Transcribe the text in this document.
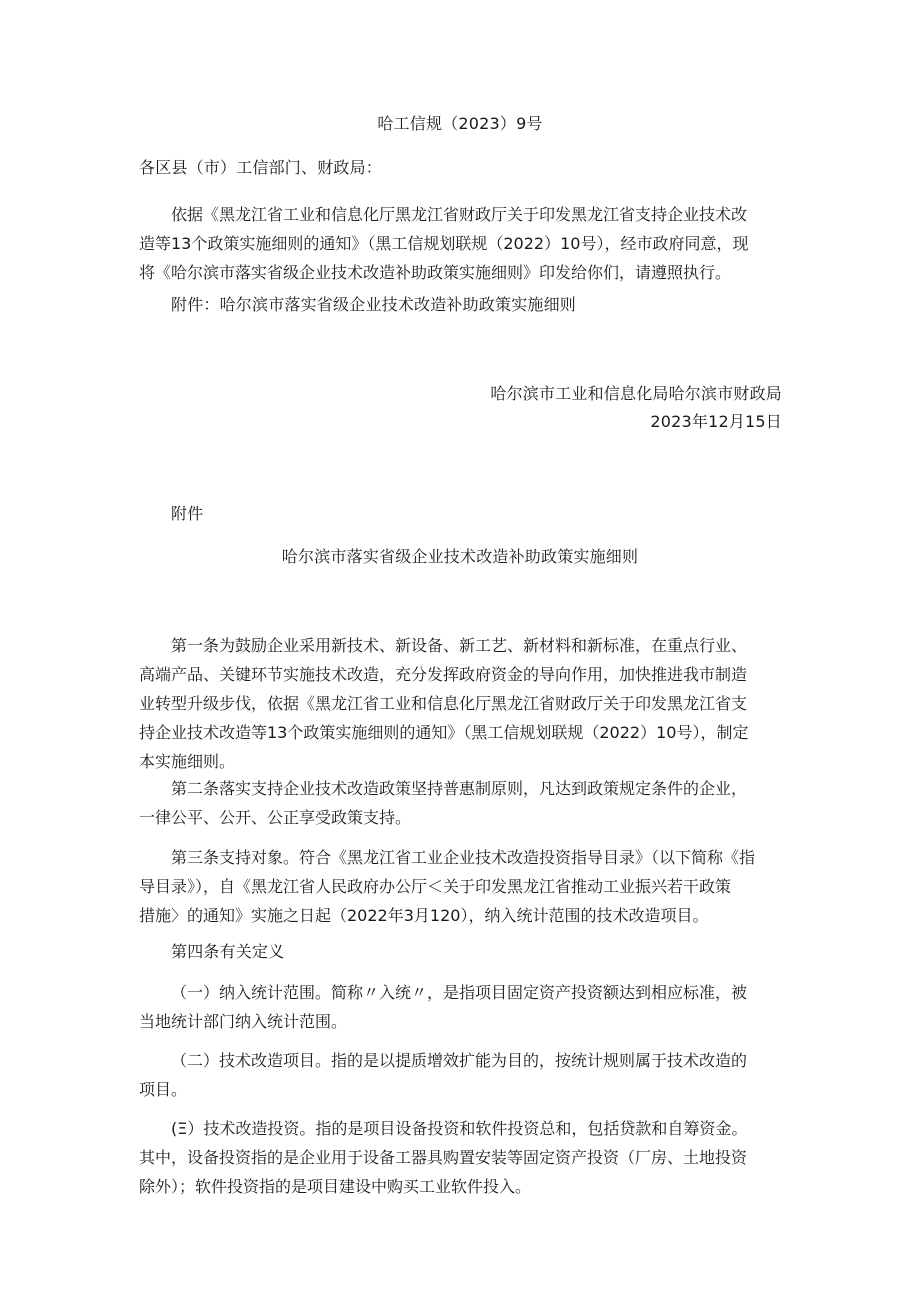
哈工信规（2023）9号
各区县（市）工信部门、财政局：
依据《黑龙江省工业和信息化厅黑龙江省财政厅关于印发黑龙江省支持企业技术改
造等13个政策实施细则的通知》（黑工信规划联规（2022）10号），经市政府同意，现
将《哈尔滨市落实省级企业技术改造补助政策实施细则》印发给你们，请遵照执行。
附件：哈尔滨市落实省级企业技术改造补助政策实施细则
哈尔滨市工业和信息化局哈尔滨市财政局
2023年12月15日
附件
哈尔滨市落实省级企业技术改造补助政策实施细则
第一条为鼓励企业采用新技术、新设备、新工艺、新材料和新标准，在重点行业、
高端产品、关键环节实施技术改造，充分发挥政府资金的导向作用，加快推进我市制造
业转型升级步伐，依据《黑龙江省工业和信息化厅黑龙江省财政厅关于印发黑龙江省支
持企业技术改造等13个政策实施细则的通知》（黑工信规划联规（2022）10号），制定
本实施细则。
第二条落实支持企业技术改造政策坚持普惠制原则，凡达到政策规定条件的企业，
一律公平、公开、公正享受政策支持。
第三条支持对象。符合《黑龙江省工业企业技术改造投资指导目录》（以下简称《指
导目录》），自《黑龙江省人民政府办公厅＜关于印发黑龙江省推动工业振兴若干政策
措施〉的通知》实施之日起（2022年3月120），纳入统计范围的技术改造项目。
第四条有关定义
（一）纳入统计范围。简称〃入统〃，是指项目固定资产投资额达到相应标准，被
当地统计部门纳入统计范围。
（二）技术改造项目。指的是以提质增效扩能为目的，按统计规则属于技术改造的
项目。
(Ξ）技术改造投资。指的是项目设备投资和软件投资总和，包括贷款和自筹资金。
其中，设备投资指的是企业用于设备工器具购置安装等固定资产投资（厂房、土地投资
除外）；软件投资指的是项目建设中购买工业软件投入。
